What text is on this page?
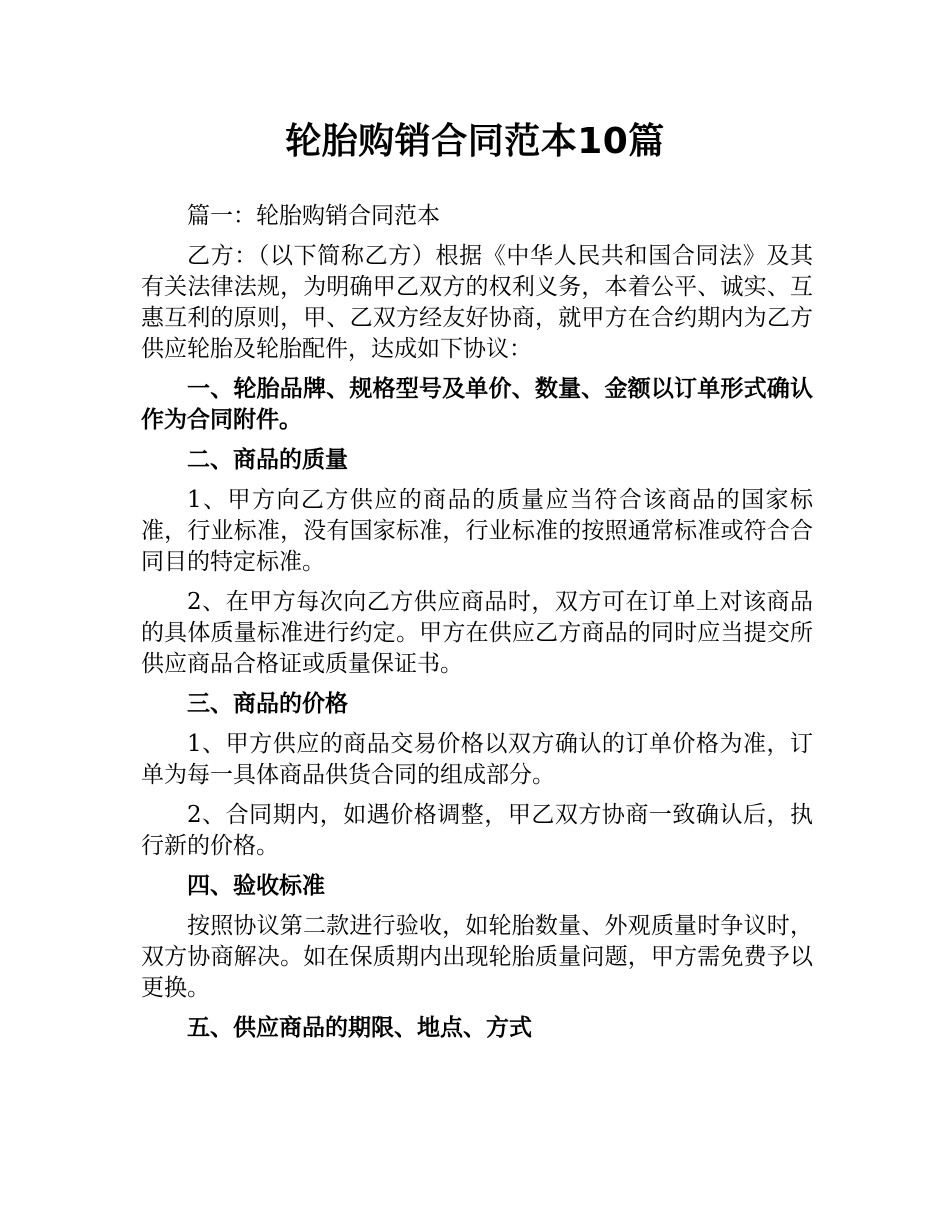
轮胎购销合同范本10篇

篇一：轮胎购销合同范本

乙方：（以下简称乙方）根据《中华人民共和国合同法》及其有关法律法规，为明确甲乙双方的权利义务，本着公平、诚实、互惠互利的原则，甲、乙双方经友好协商，就甲方在合约期内为乙方供应轮胎及轮胎配件，达成如下协议：

一、轮胎品牌、规格型号及单价、数量、金额以订单形式确认作为合同附件。

二、商品的质量

1、甲方向乙方供应的商品的质量应当符合该商品的国家标准，行业标准，没有国家标准，行业标准的按照通常标准或符合合同目的特定标准。

2、在甲方每次向乙方供应商品时，双方可在订单上对该商品的具体质量标准进行约定。甲方在供应乙方商品的同时应当提交所供应商品合格证或质量保证书。

三、商品的价格

1、甲方供应的商品交易价格以双方确认的订单价格为准，订单为每一具体商品供货合同的组成部分。

2、合同期内，如遇价格调整，甲乙双方协商一致确认后，执行新的价格。

四、验收标准

按照协议第二款进行验收，如轮胎数量、外观质量时争议时，双方协商解决。如在保质期内出现轮胎质量问题，甲方需免费予以更换。

五、供应商品的期限、地点、方式
